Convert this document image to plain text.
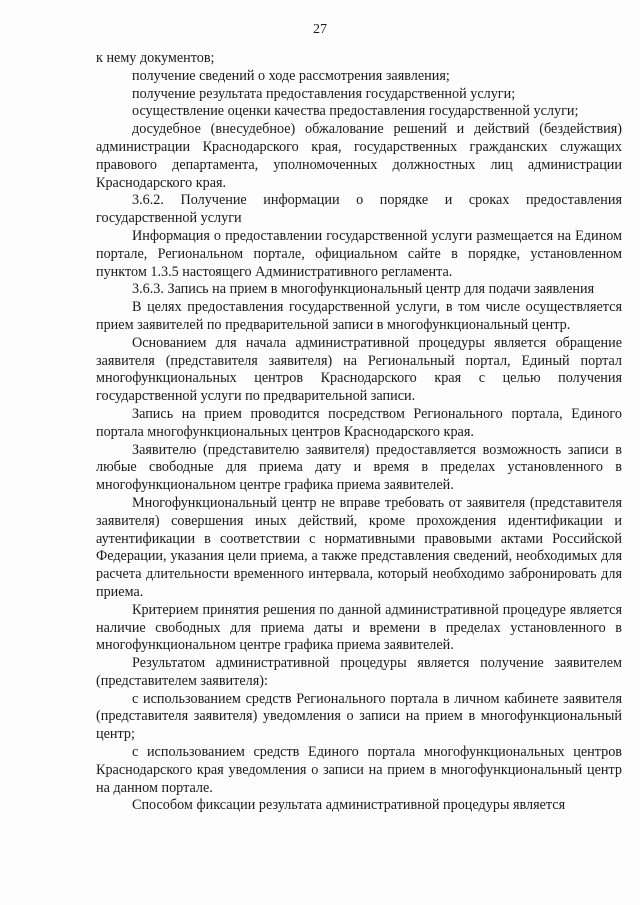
27

к нему документов;

получение сведений о ходе рассмотрения заявления;

получение результата предоставления государственной услуги;

осуществление оценки качества предоставления государственной услуги;

досудебное (внесудебное) обжалование решений и действий (бездействия) администрации Краснодарского края, государственных гражданских служащих правового департамента, уполномоченных должностных лиц администрации Краснодарского края.

3.6.2. Получение информации о порядке и сроках предоставления государственной услуги

Информация о предоставлении государственной услуги размещается на Едином портале, Региональном портале, официальном сайте в порядке, установленном пунктом 1.3.5 настоящего Административного регламента.

3.6.3. Запись на прием в многофункциональный центр для подачи заявления

В целях предоставления государственной услуги, в том числе осуществляется прием заявителей по предварительной записи в многофункциональный центр.

Основанием для начала административной процедуры является обращение заявителя (представителя заявителя) на Региональный портал, Единый портал многофункциональных центров Краснодарского края с целью получения государственной услуги по предварительной записи.

Запись на прием проводится посредством Регионального портала, Единого портала многофункциональных центров Краснодарского края.

Заявителю (представителю заявителя) предоставляется возможность записи в любые свободные для приема дату и время в пределах установленного в многофункциональном центре графика приема заявителей.

Многофункциональный центр не вправе требовать от заявителя (представителя заявителя) совершения иных действий, кроме прохождения идентификации и аутентификации в соответствии с нормативными правовыми актами Российской Федерации, указания цели приема, а также представления сведений, необходимых для расчета длительности временного интервала, который необходимо забронировать для приема.

Критерием принятия решения по данной административной процедуре является наличие свободных для приема даты и времени в пределах установленного в многофункциональном центре графика приема заявителей.

Результатом административной процедуры является получение заявителем (представителем заявителя):

с использованием средств Регионального портала в личном кабинете заявителя (представителя заявителя) уведомления о записи на прием в многофункциональный центр;

с использованием средств Единого портала многофункциональных центров Краснодарского края уведомления о записи на прием в многофункциональный центр на данном портале.

Способом фиксации результата административной процедуры является
